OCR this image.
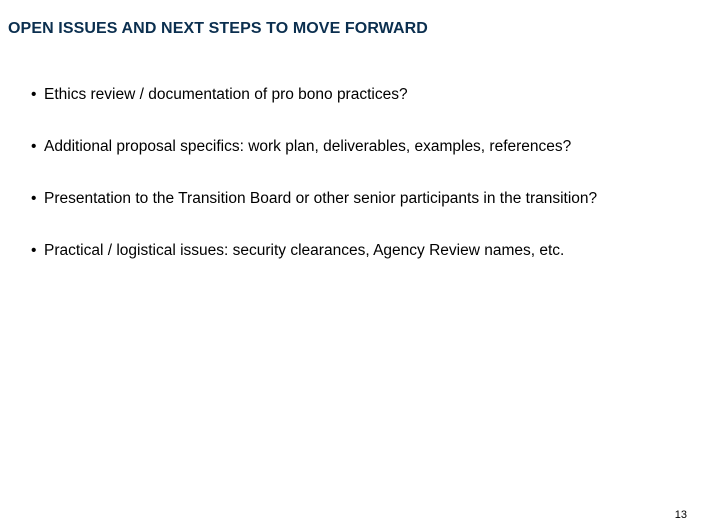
OPEN ISSUES AND NEXT STEPS TO MOVE FORWARD
• Ethics review / documentation of pro bono practices?
• Additional proposal specifics: work plan, deliverables, examples, references?
• Presentation to the Transition Board or other senior participants in the transition?
• Practical / logistical issues: security clearances, Agency Review names, etc.
13
